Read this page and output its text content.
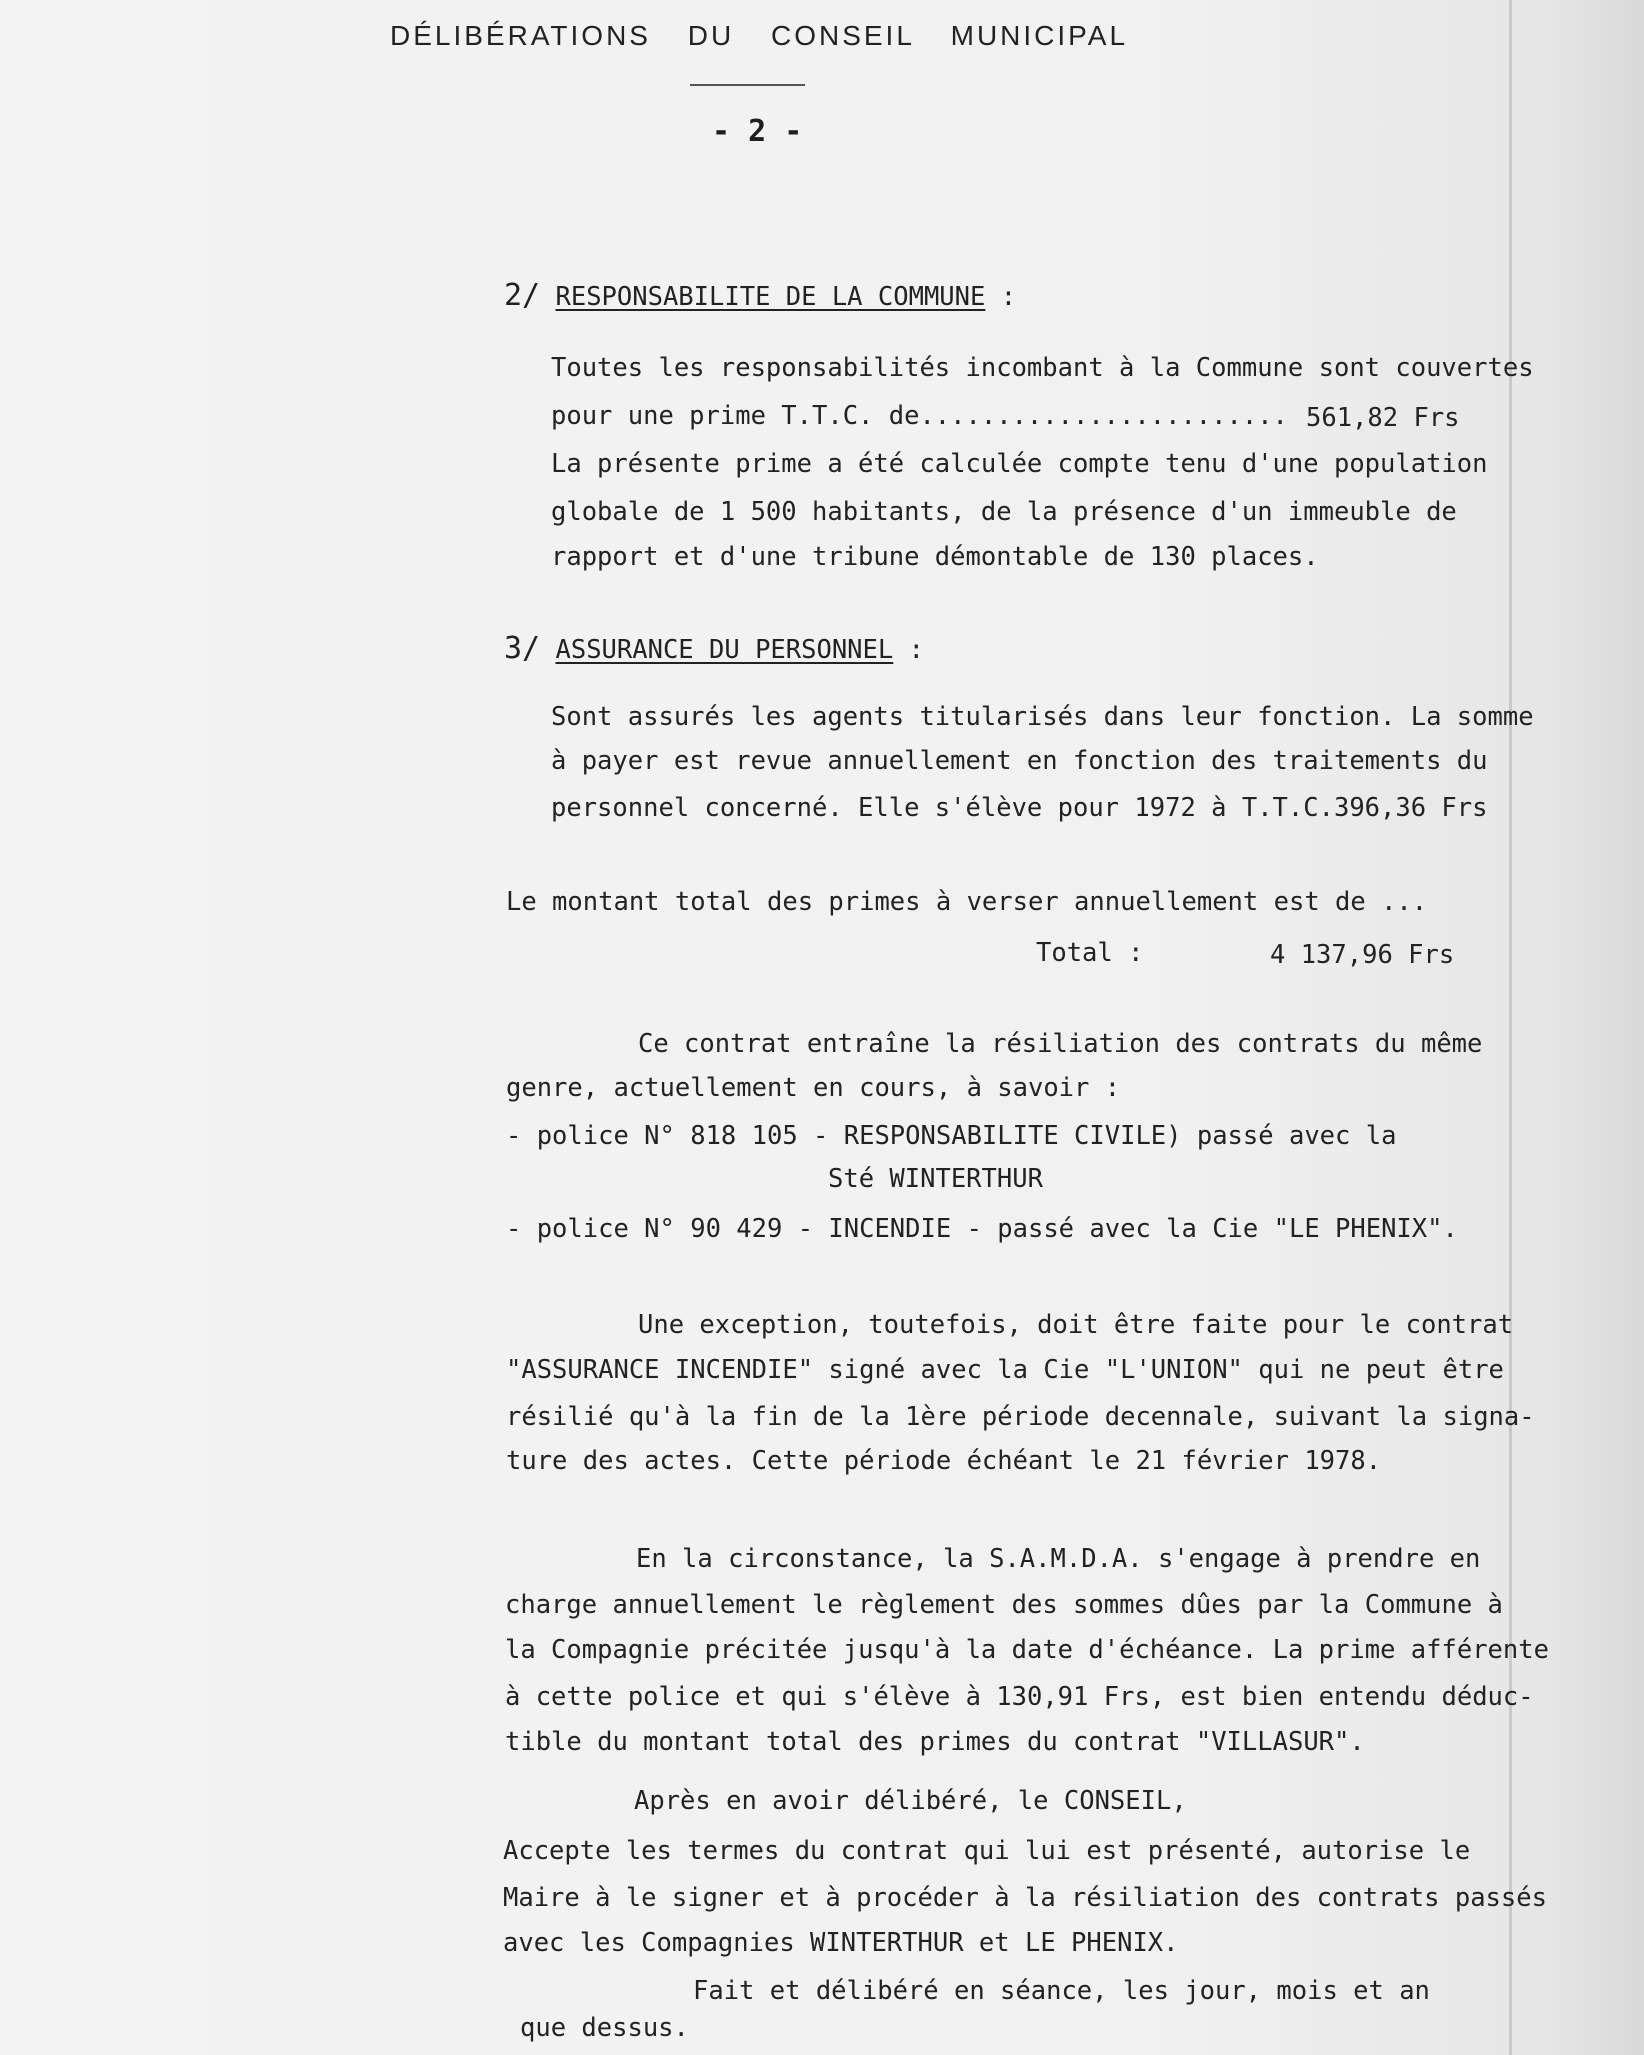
DÉLIBÉRATIONS DU CONSEIL MUNICIPAL
- 2 -
2/ RESPONSABILITE DE LA COMMUNE :
Toutes les responsabilités incombant à la Commune sont couvertes
pour une prime T.T.C. de........................ 561,82 Frs
La présente prime a été calculée compte tenu d'une population
globale de 1 500 habitants, de la présence d'un immeuble de
rapport et d'une tribune démontable de 130 places.
3/ ASSURANCE DU PERSONNEL :
Sont assurés les agents titularisés dans leur fonction. La somme
à payer est revue annuellement en fonction des traitements du
personnel concerné. Elle s'élève pour 1972 à T.T.C.396,36 Frs
Le montant total des primes à verser annuellement est de ...
Total :	4 137,96 Frs
Ce contrat entraîne la résiliation des contrats du même
genre, actuellement en cours, à savoir :
- police N° 818 105 - RESPONSABILITE CIVILE) passé avec la
Sté WINTERTHUR
- police N° 90 429 - INCENDIE - passé avec la Cie "LE PHENIX".
Une exception, toutefois, doit être faite pour le contrat
"ASSURANCE INCENDIE" signé avec la Cie "L'UNION" qui ne peut être
résilié qu'à la fin de la 1ère période decennale, suivant la signa-
ture des actes. Cette période échéant le 21 février 1978.
En la circonstance, la S.A.M.D.A. s'engage à prendre en
charge annuellement le règlement des sommes dûes par la Commune à
la Compagnie précitée jusqu'à la date d'échéance. La prime afférente
à cette police et qui s'élève à 130,91 Frs, est bien entendu déduc-
tible du montant total des primes du contrat "VILLASUR".
Après en avoir délibéré, le CONSEIL,
Accepte les termes du contrat qui lui est présenté, autorise le
Maire à le signer et à procéder à la résiliation des contrats passés
avec les Compagnies WINTERTHUR et LE PHENIX.
Fait et délibéré en séance, les jour, mois et an
que dessus.
